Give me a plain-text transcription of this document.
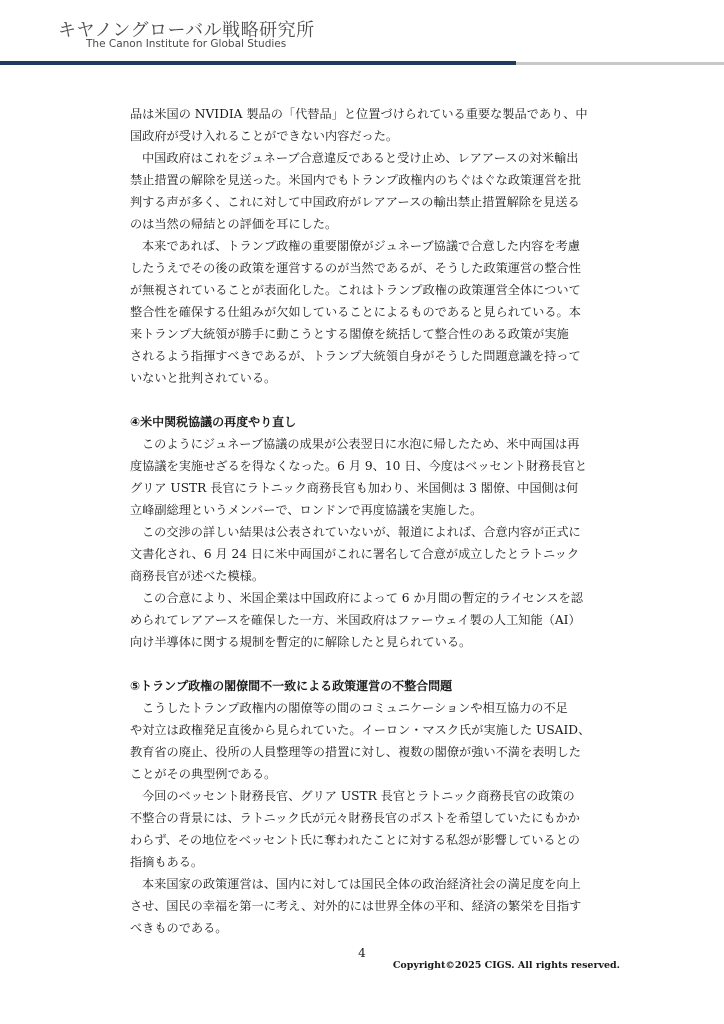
キヤノングローバル戦略研究所
The Canon Institute for Global Studies
品は米国の NVIDIA 製品の「代替品」と位置づけられている重要な製品であり、中
国政府が受け入れることができない内容だった。
中国政府はこれをジュネーブ合意違反であると受け止め、レアアースの対米輸出
禁止措置の解除を見送った。米国内でもトランプ政権内のちぐはぐな政策運営を批
判する声が多く、これに対して中国政府がレアアースの輸出禁止措置解除を見送る
のは当然の帰結との評価を耳にした。
本来であれば、トランプ政権の重要閣僚がジュネーブ協議で合意した内容を考慮
したうえでその後の政策を運営するのが当然であるが、そうした政策運営の整合性
が無視されていることが表面化した。これはトランプ政権の政策運営全体について
整合性を確保する仕組みが欠如していることによるものであると見られている。本
来トランプ大統領が勝手に動こうとする閣僚を統括して整合性のある政策が実施
されるよう指揮すべきであるが、トランプ大統領自身がそうした問題意識を持って
いないと批判されている。
④米中関税協議の再度やり直し
このようにジュネーブ協議の成果が公表翌日に水泡に帰したため、米中両国は再
度協議を実施せざるを得なくなった。6 月 9、10 日、今度はベッセント財務長官と
グリア USTR 長官にラトニック商務長官も加わり、米国側は 3 閣僚、中国側は何
立峰副総理というメンバーで、ロンドンで再度協議を実施した。
この交渉の詳しい結果は公表されていないが、報道によれば、合意内容が正式に
文書化され、6 月 24 日に米中両国がこれに署名して合意が成立したとラトニック
商務長官が述べた模様。
この合意により、米国企業は中国政府によって 6 か月間の暫定的ライセンスを認
められてレアアースを確保した一方、米国政府はファーウェイ製の人工知能（AI）
向け半導体に関する規制を暫定的に解除したと見られている。
⑤トランプ政権の閣僚間不一致による政策運営の不整合問題
こうしたトランプ政権内の閣僚等の間のコミュニケーションや相互協力の不足
や対立は政権発足直後から見られていた。イーロン・マスク氏が実施した USAID、
教育省の廃止、役所の人員整理等の措置に対し、複数の閣僚が強い不満を表明した
ことがその典型例である。
今回のベッセント財務長官、グリア USTR 長官とラトニック商務長官の政策の
不整合の背景には、ラトニック氏が元々財務長官のポストを希望していたにもかか
わらず、その地位をベッセント氏に奪われたことに対する私怨が影響しているとの
指摘もある。
本来国家の政策運営は、国内に対しては国民全体の政治経済社会の満足度を向上
させ、国民の幸福を第一に考え、対外的には世界全体の平和、経済の繁栄を目指す
べきものである。
4
Copyright©2025 CIGS. All rights reserved.
